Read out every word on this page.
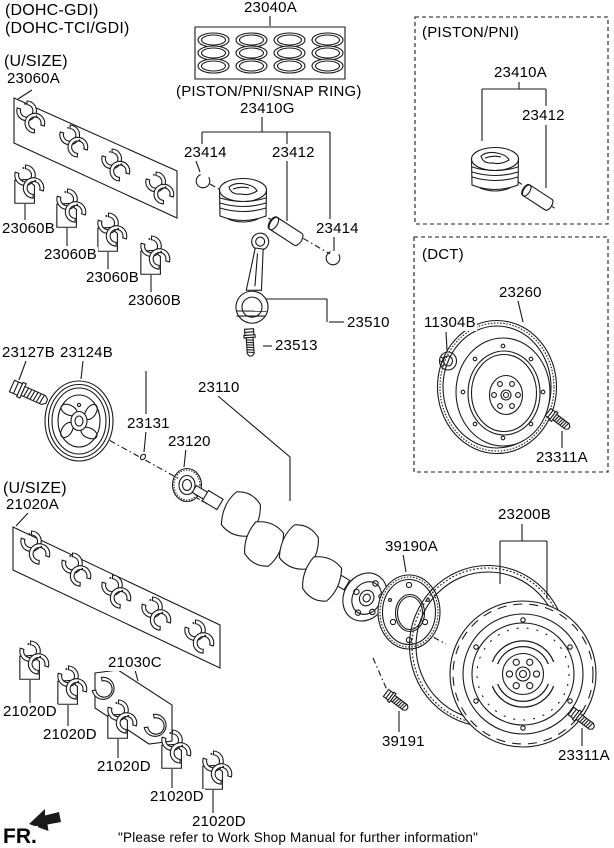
(DOHC-GDI)
(DOHC-TCI/GDI)
(U/SIZE)
23060A
23040A
(PISTON/PNI/SNAP RING)
23410G
23414	23412
23414
23510
23513
23060B
23060B
23060B
23060B
23127B 23124B
23110
23131
23120
(U/SIZE)
21020A
21030C
21020D
21020D
21020D
21020D
21020D
39190A
23200B
39191
23311A
(PISTON/PNI)
23410A
23412
(DCT)
23260
11304B
23311A
FR.	"Please refer to Work Shop Manual for further information"
